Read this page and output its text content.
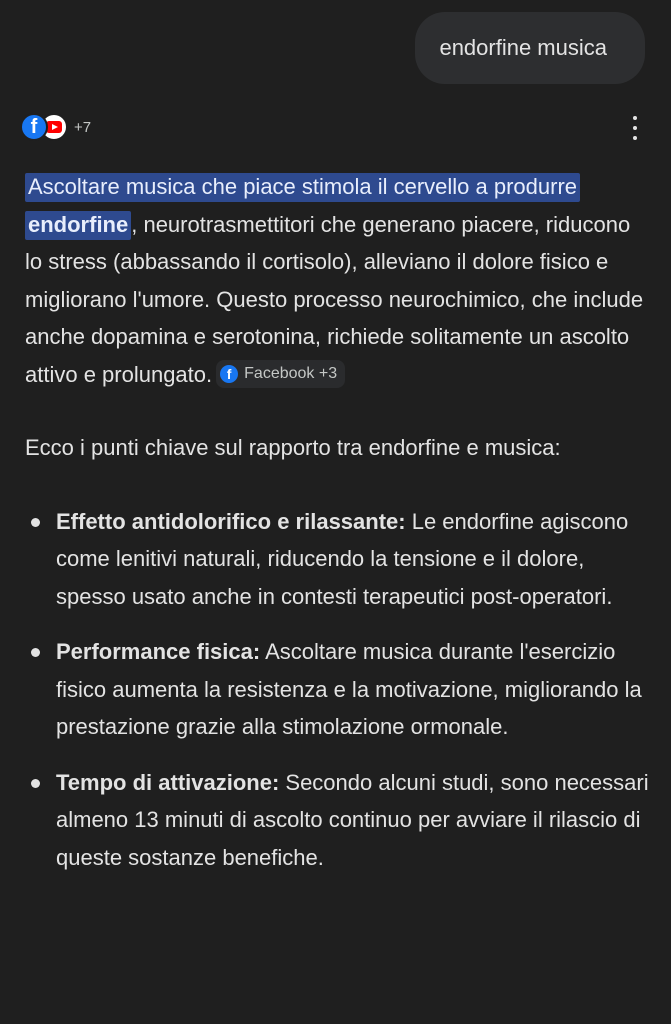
endorfine musica
f	+7

Ascoltare musica che piace stimola il cervello a produrre endorfine , neurotrasmettitori che generano piacere, riducono lo stress (abbassando il cortisolo), alleviano il dolore fisico e migliorano l'umore. Questo processo neurochimico, che include anche dopamina e serotonina, richiede solitamente un ascolto attivo e prolungato.	f Facebook +3

Ecco i punti chiave sul rapporto tra endorfine e musica:

Effetto antidolorifico e rilassante: Le endorfine agiscono come lenitivi naturali, riducendo la tensione e il dolore, spesso usato anche in contesti terapeutici post-operatori.
Performance fisica: Ascoltare musica durante l'esercizio fisico aumenta la resistenza e la motivazione, migliorando la prestazione grazie alla stimolazione ormonale.
Tempo di attivazione: Secondo alcuni studi, sono necessari almeno 13 minuti di ascolto continuo per avviare il rilascio di queste sostanze benefiche.
